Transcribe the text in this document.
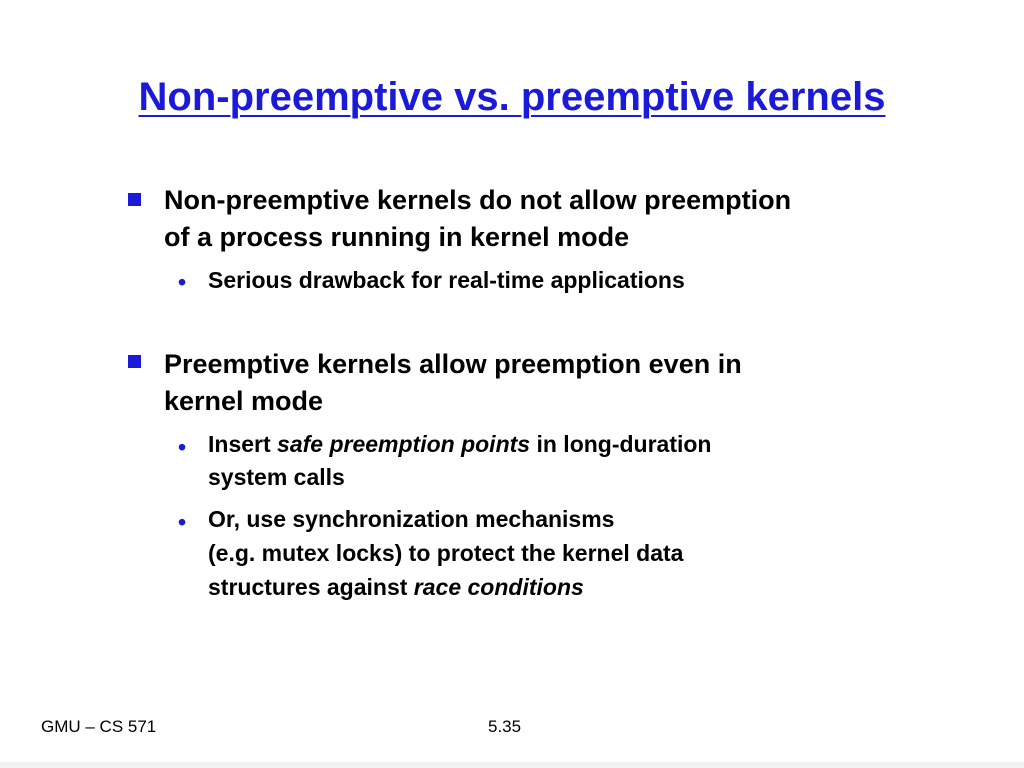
Non-preemptive vs. preemptive kernels
Non-preemptive kernels do not allow preemption
of a process running in kernel mode
• Serious drawback for real-time applications
Preemptive kernels allow preemption even in
kernel mode
• Insert safe preemption points in long-duration
system calls
• Or, use synchronization mechanisms
(e.g. mutex locks) to protect the kernel data
structures against race conditions
GMU – CS 571	5.35
